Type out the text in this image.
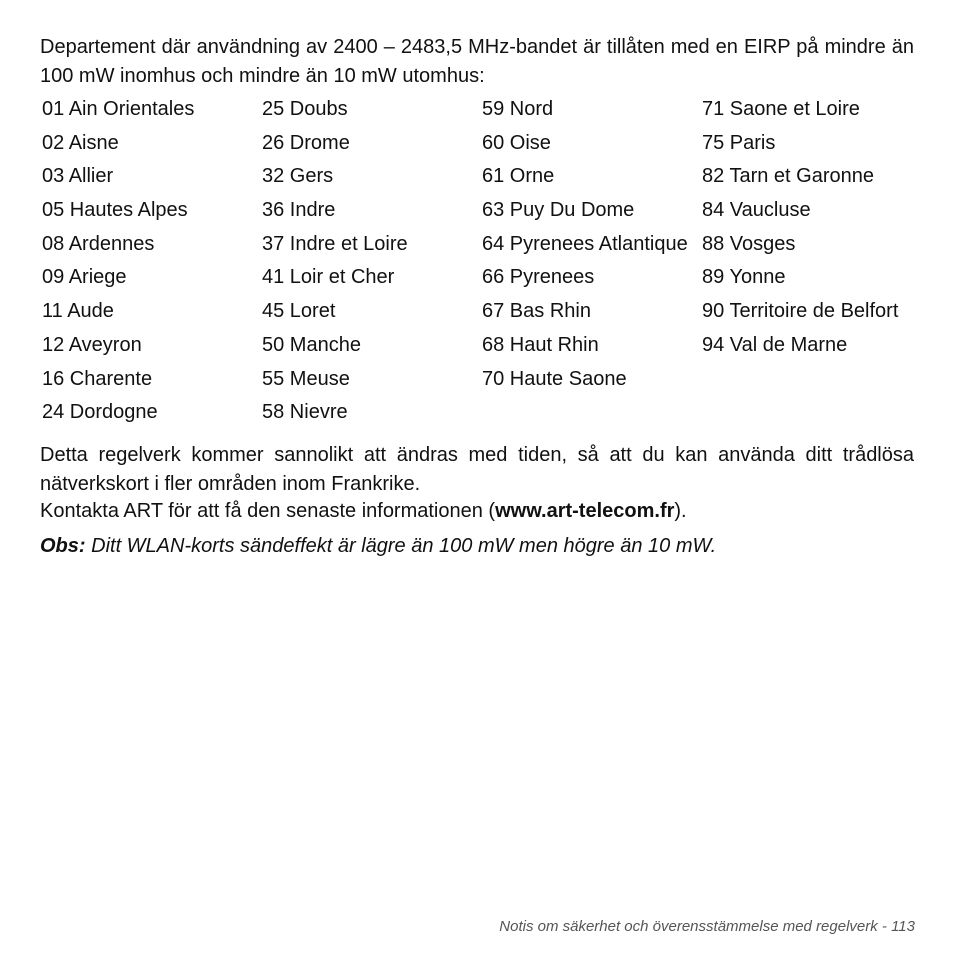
Departement där användning av 2400 – 2483,5 MHz-bandet är tillåten med en EIRP på mindre än 100 mW inomhus och mindre än 10 mW utomhus:

01 Ain Orientales
02 Aisne
03 Allier
05 Hautes Alpes
08 Ardennes
09 Ariege
11 Aude
12 Aveyron
16 Charente
24 Dordogne
25 Doubs
26 Drome
32 Gers
36 Indre
37 Indre et Loire
41 Loir et Cher
45 Loret
50 Manche
55 Meuse
58 Nievre
59 Nord
60 Oise
61 Orne
63 Puy Du Dome
64 Pyrenees Atlantique
66 Pyrenees
67 Bas Rhin
68 Haut Rhin
70 Haute Saone
71 Saone et Loire
75 Paris
82 Tarn et Garonne
84 Vaucluse
88 Vosges
89 Yonne
90 Territoire de Belfort
94 Val de Marne

Detta regelverk kommer sannolikt att ändras med tiden, så att du kan använda ditt trådlösa nätverkskort i fler områden inom Frankrike.

Kontakta ART för att få den senaste informationen (www.art-telecom.fr).

Obs: Ditt WLAN-korts sändeffekt är lägre än 100 mW men högre än 10 mW.

Notis om säkerhet och överensstämmelse med regelverk - 113
